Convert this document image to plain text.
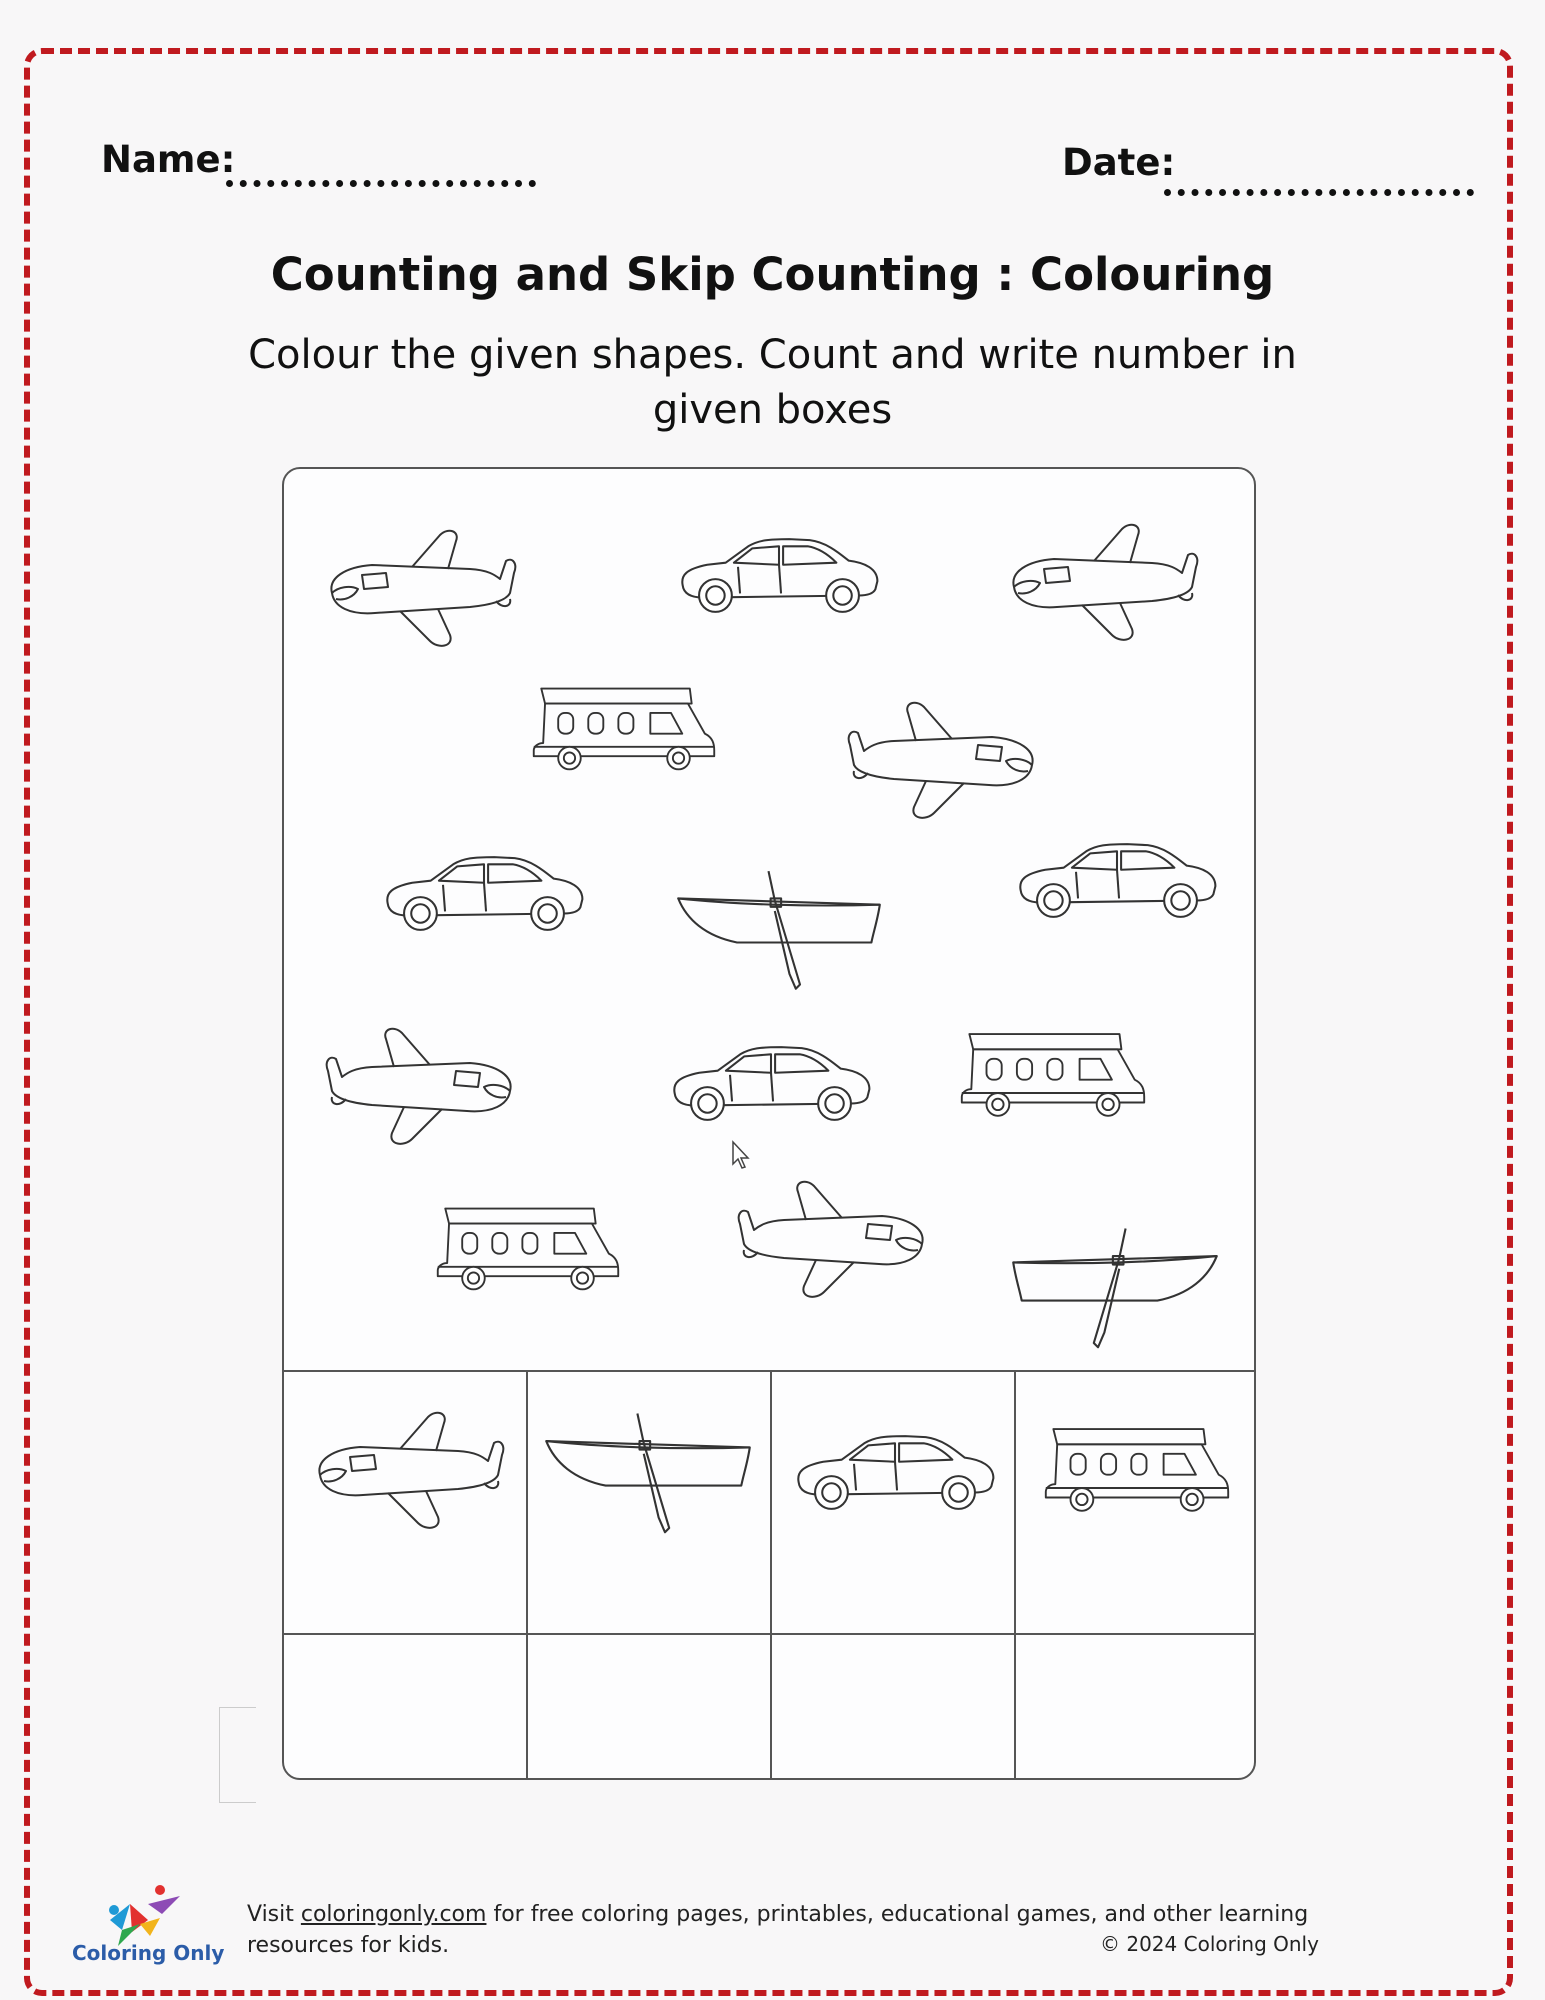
Name:	Date:
Counting and Skip Counting : Colouring
Colour the given shapes. Count and write number in given boxes
Coloring Only
Visit coloringonly.com for free coloring pages, printables, educational games, and other learning resources for kids.	© 2024 Coloring Only
